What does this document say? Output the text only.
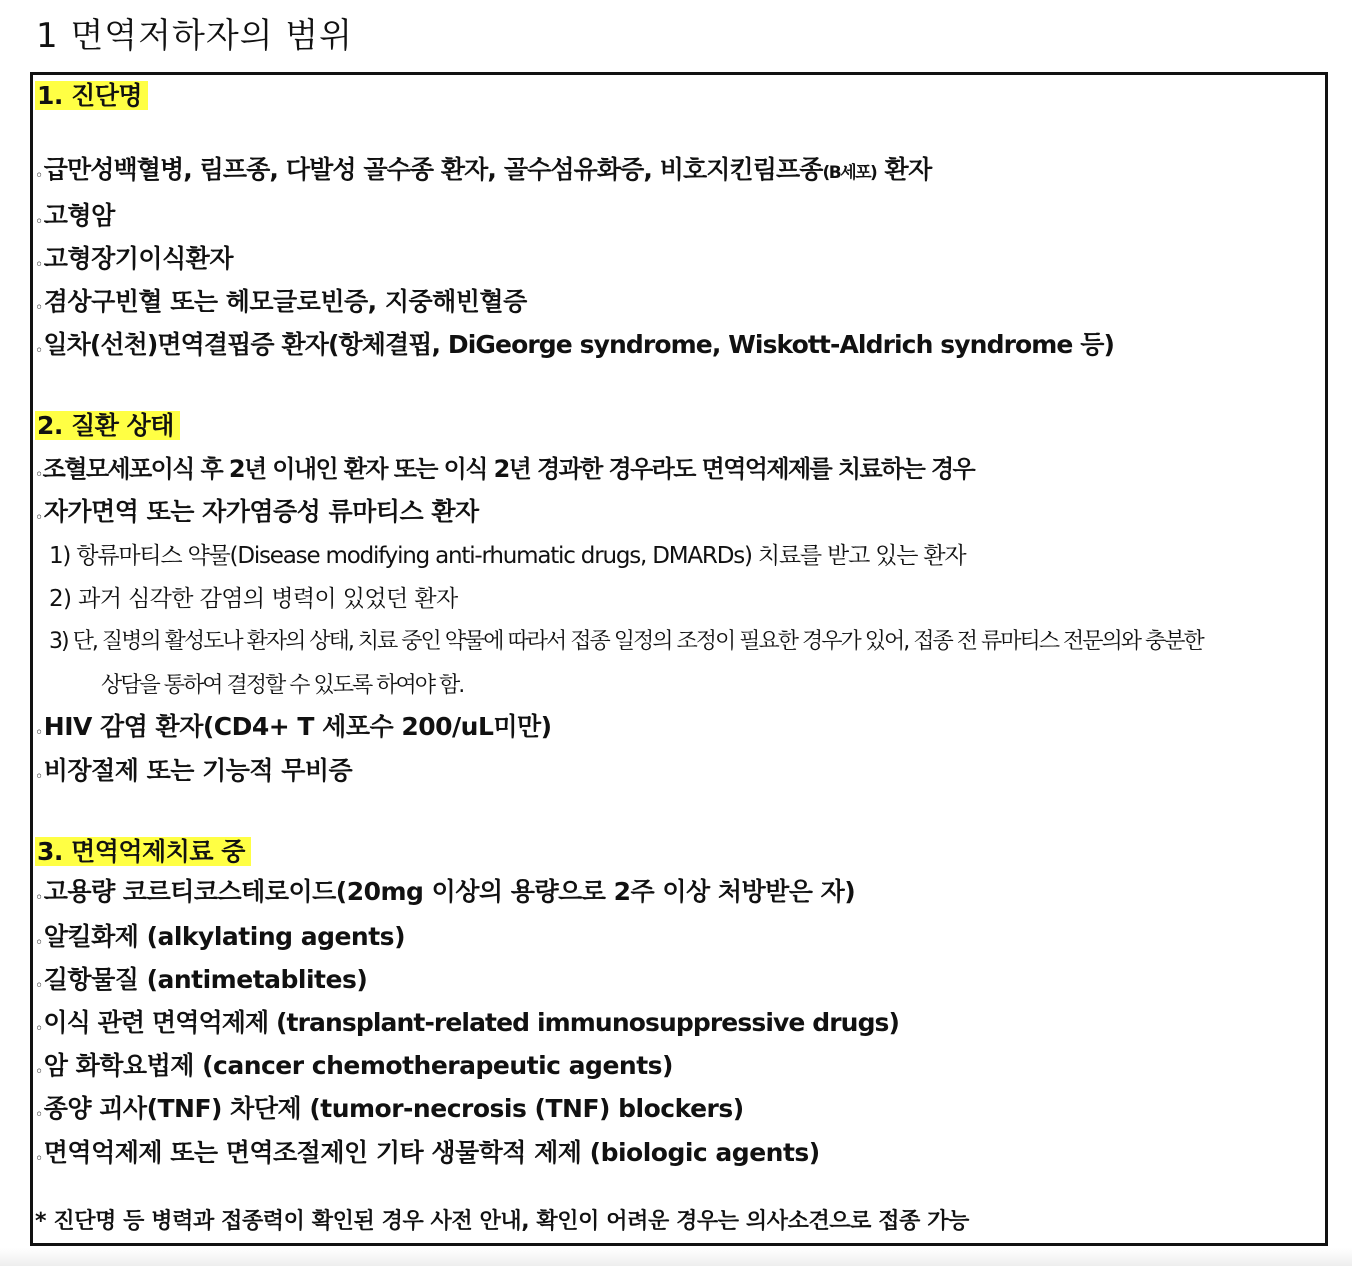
1 면역저하자의 범위
1. 진단명
◦급만성백혈병, 림프종, 다발성 골수종 환자, 골수섬유화증, 비호지킨림프종(B세포) 환자
◦고형암
◦고형장기이식환자
◦겸상구빈혈 또는 헤모글로빈증, 지중해빈혈증
◦일차(선천)면역결핍증 환자(항체결핍, DiGeorge syndrome, Wiskott-Aldrich syndrome 등)
2. 질환 상태
◦조혈모세포이식 후 2년 이내인 환자 또는 이식 2년 경과한 경우라도 면역억제제를 치료하는 경우
◦자가면역 또는 자가염증성 류마티스 환자
1) 항류마티스 약물(Disease modifying anti-rhumatic drugs, DMARDs) 치료를 받고 있는 환자
2) 과거 심각한 감염의 병력이 있었던 환자
3) 단, 질병의 활성도나 환자의 상태, 치료 중인 약물에 따라서 접종 일정의 조정이 필요한 경우가 있어, 접종 전 류마티스 전문의와 충분한
상담을 통하여 결정할 수 있도록 하여야 함.
◦HIV 감염 환자(CD4+ T 세포수 200/uL미만)
◦비장절제 또는 기능적 무비증
3. 면역억제치료 중
◦고용량 코르티코스테로이드(20mg 이상의 용량으로 2주 이상 처방받은 자)
◦알킬화제 (alkylating agents)
◦길항물질 (antimetablites)
◦이식 관련 면역억제제 (transplant-related immunosuppressive drugs)
◦암 화학요법제 (cancer chemotherapeutic agents)
◦종양 괴사(TNF) 차단제 (tumor-necrosis (TNF) blockers)
◦면역억제제 또는 면역조절제인 기타 생물학적 제제 (biologic agents)
* 진단명 등 병력과 접종력이 확인된 경우 사전 안내, 확인이 어려운 경우는 의사소견으로 접종 가능
